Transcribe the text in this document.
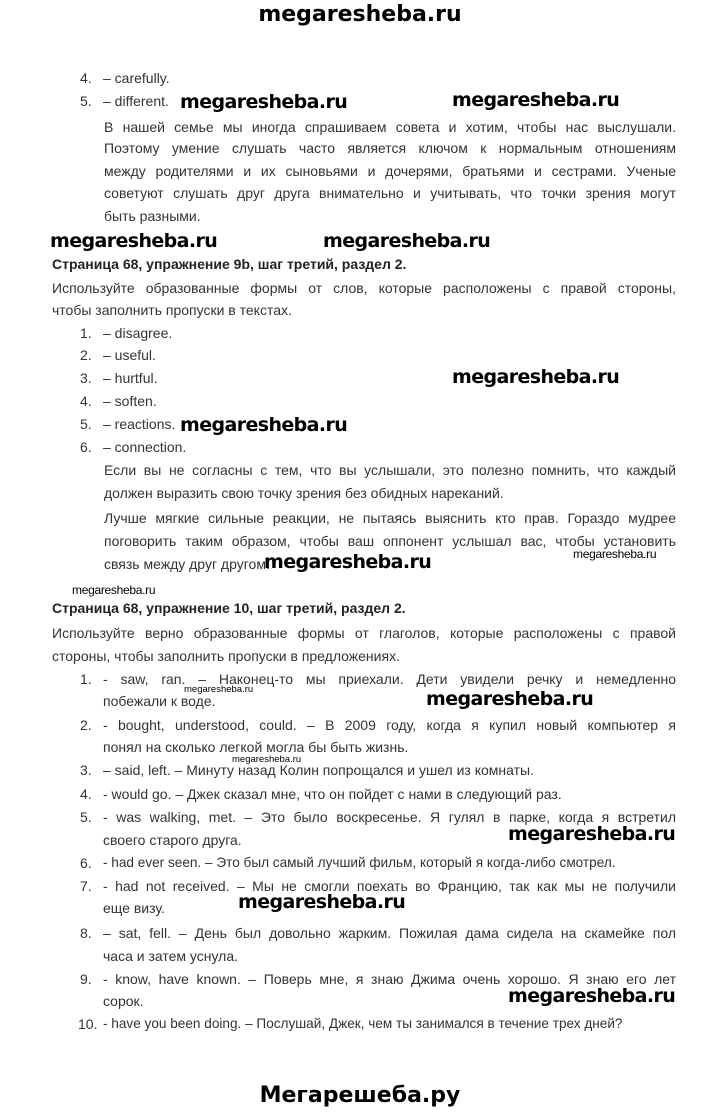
megaresheba.ru
4. – carefully.
5. – different. megaresheba.ru	megaresheba.ru
В нашей семье мы иногда спрашиваем совета и хотим, чтобы нас выслушали.
Поэтому умение слушать часто является ключом к нормальным отношениям
между родителями и их сыновьями и дочерями, братьями и сестрами. Ученые
советуют слушать друг друга внимательно и учитывать, что точки зрения могут
быть разными.
megaresheba.ru	megaresheba.ru
Страница 68, упражнение 9b, шаг третий, раздел 2.
Используйте образованные формы от слов, которые расположены с правой стороны,
чтобы заполнить пропуски в текстах.
1. – disagree.
2. – useful.
3. – hurtful.	megaresheba.ru
4. – soften.
5. – reactions. megaresheba.ru
6. – connection.
Если вы не согласны с тем, что вы услышали, это полезно помнить, что каждый
должен выразить свою точку зрения без обидных нареканий.
Лучше мягкие сильные реакции, не пытаясь выяснить кто прав. Гораздо мудрее
поговорить таким образом, чтобы ваш оппонент услышал вас, чтобы установить
связь между друг другом.
megaresheba.ru	megaresheba.ru
megaresheba.ru
Страница 68, упражнение 10, шаг третий, раздел 2.
Используйте верно образованные формы от глаголов, которые расположены с правой
стороны, чтобы заполнить пропуски в предложениях.
1. - saw, ran. – Наконец-то мы приехали. Дети увидели речку и немедленно
побежали к воде.
megaresheba.ru	megaresheba.ru
2. - bought, understood, could. – В 2009 году, когда я купил новый компьютер я
понял на сколько легкой могла бы быть жизнь.
megaresheba.ru
3. – said, left. – Минуту назад Колин попрощался и ушел из комнаты.
4. - would go. – Джек сказал мне, что он пойдет с нами в следующий раз.
5. - was walking, met. – Это было воскресенье. Я гулял в парке, когда я встретил
своего старого друга.	megaresheba.ru
6. - had ever seen. – Это был самый лучший фильм, который я когда-либо смотрел.
7. - had not received. – Мы не смогли поехать во Францию, так как мы не получили
еще визу.	megaresheba.ru
8. – sat, fell. – День был довольно жарким. Пожилая дама сидела на скамейке пол
часа и затем уснула.
9. - know, have known. – Поверь мне, я знаю Джима очень хорошо. Я знаю его лет
сорок.	megaresheba.ru
10. - have you been doing. – Послушай, Джек, чем ты занимался в течение трех дней?
Мегарешеба.ру
